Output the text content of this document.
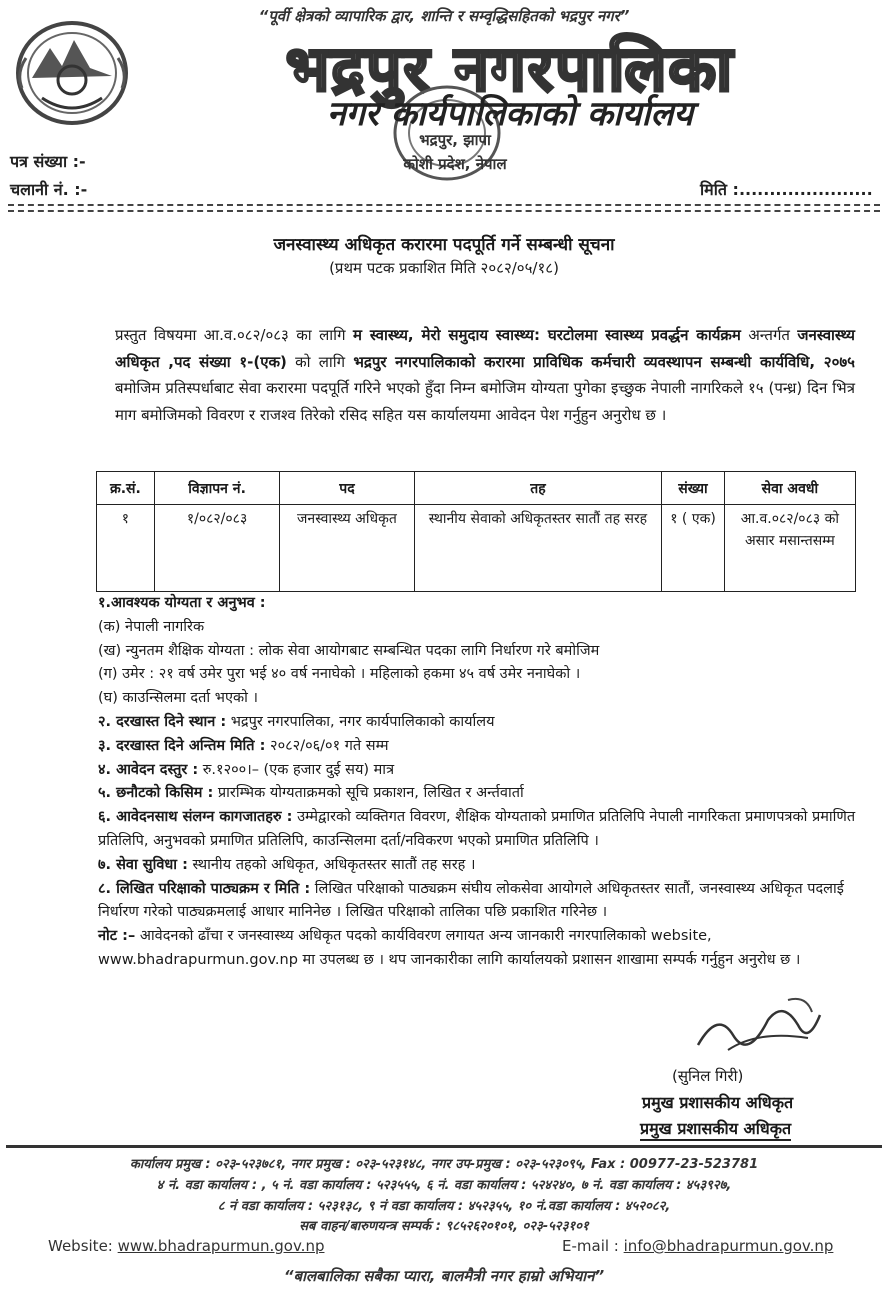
“पूर्वी क्षेत्रको व्यापारिक द्वार, शान्ति र सम्वृद्धिसहितको भद्रपुर नगर”
भद्रपुर नगरपालिका
नगर कार्यपालिकाको कार्यालय
भद्रपुर, झापा
कोशी प्रदेश, नेपाल
पत्र संख्या :-
चलानी नं. :-	मिति :......................
जनस्वास्थ्य अधिकृत करारमा पदपूर्ति गर्ने सम्बन्धी सूचना
(प्रथम पटक प्रकाशित मिति २०८२/०५/१८)
प्रस्तुत विषयमा आ.व.०८२/०८३ का लागि म स्वास्थ्य, मेरो समुदाय स्वास्थ्य: घरटोलमा स्वास्थ्य प्रवर्द्धन कार्यक्रम अन्तर्गत जनस्वास्थ्य अधिकृत ,पद संख्या १-(एक) को लागि भद्रपुर नगरपालिकाको करारमा प्राविधिक कर्मचारी व्यवस्थापन सम्बन्धी कार्यविधि, २०७५ बमोजिम प्रतिस्पर्धाबाट सेवा करारमा पदपूर्ति गरिने भएको हुँदा निम्न बमोजिम योग्यता पुगेका इच्छुक नेपाली नागरिकले १५ (पन्ध्र) दिन भित्र माग बमोजिमको विवरण र राजश्व तिरेको रसिद सहित यस कार्यालयमा आवेदन पेश गर्नुहुन अनुरोध छ ।
क्र.सं.	विज्ञापन नं.	पद	तह	संख्या	सेवा अवधी
१	१/०८२/०८३	जनस्वास्थ्य अधिकृत	स्थानीय सेवाको अधिकृतस्तर सातौं तह सरह	१ ( एक)	आ.व.०८२/०८३ को असार मसान्तसम्म
१.आवश्यक योग्यता र अनुभव :
(क) नेपाली नागरिक
(ख) न्युनतम शैक्षिक योग्यता : लोक सेवा आयोगबाट सम्बन्धित पदका लागि निर्धारण गरे बमोजिम
(ग) उमेर : २१ वर्ष उमेर पुरा भई ४० वर्ष ननाघेको । महिलाको हकमा ४५ वर्ष उमेर ननाघेको ।
(घ) काउन्सिलमा दर्ता भएको ।
२. दरखास्त दिने स्थान : भद्रपुर नगरपालिका, नगर कार्यपालिकाको कार्यालय
३. दरखास्त दिने अन्तिम मिति : २०८२/०६/०१ गते सम्म
४. आवेदन दस्तुर : रु.१२००।– (एक हजार दुई सय) मात्र
५. छनौटको किसिम : प्रारम्भिक योग्यताक्रमको सूचि प्रकाशन, लिखित र अर्न्तवार्ता
६. आवेदनसाथ संलग्न कागजातहरु : उम्मेद्वारको व्यक्तिगत विवरण, शैक्षिक योग्यताको प्रमाणित प्रतिलिपि नेपाली नागरिकता प्रमाणपत्रको प्रमाणित प्रतिलिपि, अनुभवको प्रमाणित प्रतिलिपि, काउन्सिलमा दर्ता/नविकरण भएको प्रमाणित प्रतिलिपि ।
७. सेवा सुविधा : स्थानीय तहको अधिकृत, अधिकृतस्तर सातौं तह सरह ।
८. लिखित परिक्षाको पाठ्यक्रम र मिति : लिखित परिक्षाको पाठ्यक्रम संघीय लोकसेवा आयोगले अधिकृतस्तर सातौं, जनस्वास्थ्य अधिकृत पदलाई निर्धारण गरेको पाठ्यक्रमलाई आधार मानिनेछ । लिखित परिक्षाको तालिका पछि प्रकाशित गरिनेछ ।
नोट :– आवेदनको ढाँचा र जनस्वास्थ्य अधिकृत पदको कार्यविवरण लगायत अन्य जानकारी नगरपालिकाको website, www.bhadrapurmun.gov.np मा उपलब्ध छ । थप जानकारीका लागि कार्यालयको प्रशासन शाखामा सम्पर्क गर्नुहुन अनुरोध छ ।
(सुनिल गिरी)
प्रमुख प्रशासकीय अधिकृत
प्रमुख प्रशासकीय अधिकृत
कार्यालय प्रमुख : ०२३-५२३७८१, नगर प्रमुख : ०२३-५२३१४८, नगर उप-प्रमुख : ०२३-५२३०९५, Fax : 00977-23-523781
४ नं. वडा कार्यालय : , ५ नं. वडा कार्यालय : ५२३५५५, ६ नं. वडा कार्यालय : ५२४२४०, ७ नं. वडा कार्यालय : ४५३९२७,
८ नं वडा कार्यालय : ५२३१३८, ९ नं वडा कार्यालय : ४५२३५५, १० नं.वडा कार्यालय : ४५२०८२,
सब वाहन/बारुणयन्त्र सम्पर्क : ९८५२६२०१०१, ०२३-५२३१०१
Website: www.bhadrapurmun.gov.np	E-mail : info@bhadrapurmun.gov.np
“बालबालिका सबैका प्यारा, बालमैत्री नगर हाम्रो अभियान”
